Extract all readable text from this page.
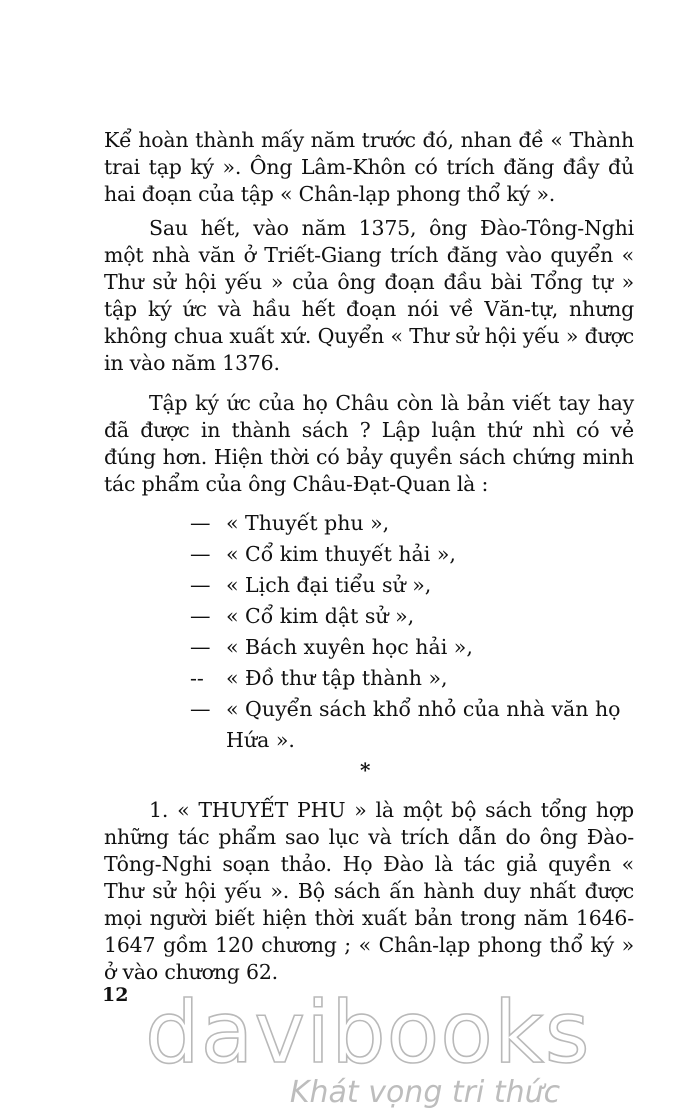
Kể hoàn thành mấy năm trước đó, nhan đề « Thành trai tạp ký ». Ông Lâm-Khôn có trích đăng đầy đủ hai đoạn của tập « Chân-lạp phong thổ ký ».

Sau hết, vào năm 1375, ông Đào-Tông-Nghi một nhà văn ở Triết-Giang trích đăng vào quyển « Thư sử hội yếu » của ông đoạn đầu bài Tổng tự » tập ký ức và hầu hết đoạn nói về Văn-tự, nhưng không chua xuất xứ. Quyển « Thư sử hội yếu » được in vào năm 1376.

Tập ký ức của họ Châu còn là bản viết tay hay đã được in thành sách ? Lập luận thứ nhì có vẻ đúng hơn. Hiện thời có bảy quyền sách chứng minh tác phẩm của ông Châu-Đạt-Quan là :

— « Thuyết phu »,
— « Cổ kim thuyết hải »,
— « Lịch đại tiểu sử »,
— « Cổ kim dật sử »,
— « Bách xuyên học hải »,
-- « Đồ thư tập thành »,
— « Quyển sách khổ nhỏ của nhà văn họ Hứa ».
*

1. « THUYẾT PHU » là một bộ sách tổng hợp những tác phẩm sao lục và trích dẫn do ông Đào-Tông-Nghi soạn thảo. Họ Đào là tác giả quyền « Thư sử hội yếu ». Bộ sách ấn hành duy nhất được mọi người biết hiện thời xuất bản trong năm 1646-1647 gồm 120 chương ; « Chân-lạp phong thổ ký » ở vào chương 62.

12 davibooks
Khát vọng tri thức
